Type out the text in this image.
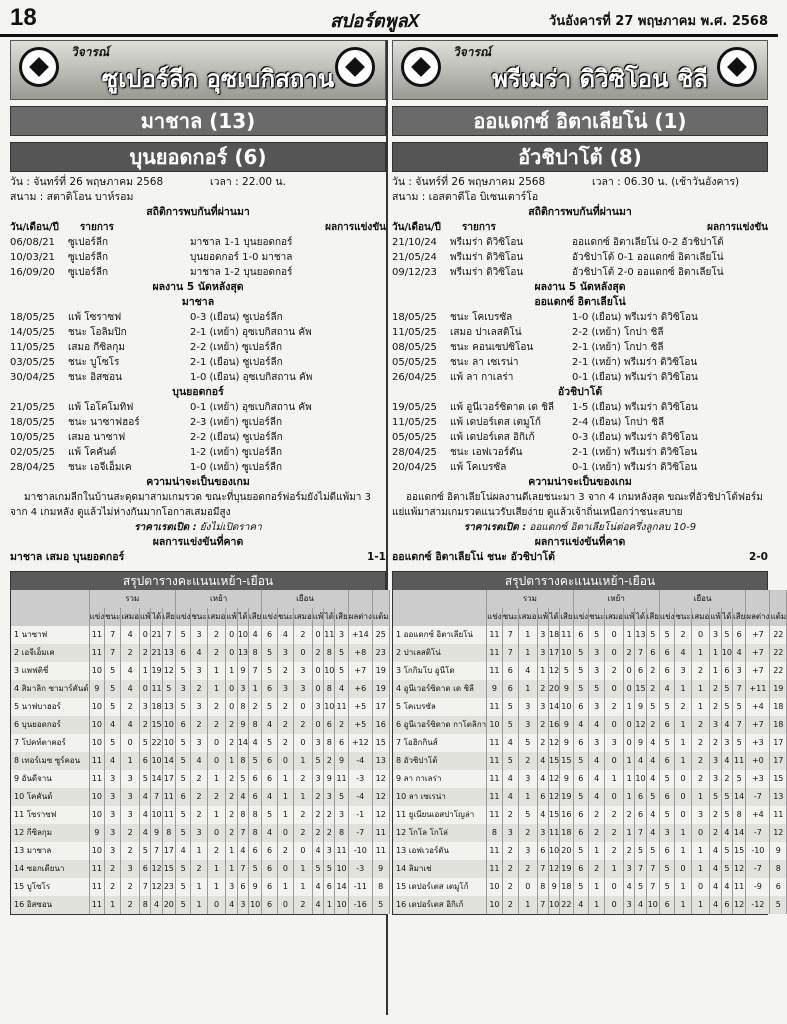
18	สปอร์ตพูลX	วันอังคารที่ 27 พฤษภาคม พ.ศ. 2568
วิจารณ์
ซูเปอร์ลีก อุซเบกิสถาน
มาชาล (13)
บุนยอดกอร์ (6)
วัน : จันทร์ที่ 26 พฤษภาคม 2568	เวลา : 22.00 น.
สนาม : สตาดิโอน บาห์รอม
สถิติการพบกันที่ผ่านมา
วัน/เดือน/ปี	รายการ	ผลการแข่งขัน
06/08/21	ซูเปอร์ลีก	มาชาล 1-1 บุนยอดกอร์
10/03/21	ซูเปอร์ลีก	บุนยอดกอร์ 1-0 มาชาล
16/09/20	ซูเปอร์ลีก	มาชาล 1-2 บุนยอดกอร์
ผลงาน 5 นัดหลังสุด
มาชาล
18/05/25	แพ้ โซราซฟ	0-3 (เยือน) ซูเปอร์ลีก
14/05/25	ชนะ โอลิมปิก	2-1 (เหย้า) อุซเบกิสถาน คัพ
11/05/25	เสมอ กีซิลกุม	2-2 (เหย้า) ซูเปอร์ลีก
03/05/25	ชนะ บูโซโร	2-1 (เยือน) ซูเปอร์ลีก
30/04/25	ชนะ อิสซอน	1-0 (เยือน) อุซเบกิสถาน คัพ
บุนยอดกอร์
21/05/25	แพ้ โอโคโมทิฟ	0-1 (เหย้า) อุซเบกิสถาน คัพ
18/05/25	ชนะ นาซาฟฮอร์	2-3 (เหย้า) ซูเปอร์ลีก
10/05/25	เสมอ นาซาฟ	2-2 (เยือน) ซูเปอร์ลีก
02/05/25	แพ้ โคคันด์	1-2 (เหย้า) ซูเปอร์ลีก
28/04/25	ชนะ เอจีเอ็มเค	1-0 (เหย้า) ซูเปอร์ลีก
ความน่าจะเป็นของเกม
มาชาลเกมลีกในบ้านสะดุดมาสามเกมรวด ขณะที่บุนยอดกอร์ฟอร์มยังไม่ดีแพ้มา 3 จาก 4 เกมหลัง ดูแล้วไม่ห่างกันมากโอกาสเสมอมีสูง
ราคาเรตเปิด : ยังไม่เปิดราคา
ผลการแข่งขันที่คาด
มาชาล เสมอ บุนยอดกอร์	1-1
สรุปตารางคะแนนเหย้า-เยือน
	รวม						เหย้า						เยือน							
	แข่ง	ชนะ	เสมอ	แพ้	ได้	เสีย	แข่ง	ชนะ	เสมอ	แพ้	ได้	เสีย	แข่ง	ชนะ	เสมอ	แพ้	ได้	เสีย	ผลต่าง	แต้ม
1 นาซาฟ	11	7	4	0	21	7	5	3	2	0	10	4	6	4	2	0	11	3	+14	25
2 เอจีเอ็มเค	11	7	2	2	21	13	6	4	2	0	13	8	5	3	0	2	8	5	+8	23
3 แพฟติชี่	10	5	4	1	19	12	5	3	1	1	9	7	5	2	3	0	10	5	+7	19
4 สิมาลิก ซามาร์คันด์	9	5	4	0	11	5	3	2	1	0	3	1	6	3	3	0	8	4	+6	19
5 นาฟบาฮอร์	10	5	2	3	18	13	5	3	2	0	8	2	5	2	0	3	10	11	+5	17
6 บุนยอดกอร์	10	4	4	2	15	10	6	2	2	2	9	8	4	2	2	0	6	2	+5	16
7 โปคท์ตาคอร์	10	5	0	5	22	10	5	3	0	2	14	4	5	2	0	3	8	6	+12	15
8 เทอร์เมซ ซูร์คอน	11	4	1	6	10	14	5	4	0	1	8	5	6	0	1	5	2	9	-4	13
9 อันดีจาน	11	3	3	5	14	17	5	2	1	2	5	6	6	1	2	3	9	11	-3	12
10 โคคันด์	10	3	3	4	7	11	6	2	2	2	4	6	4	1	1	2	3	5	-4	12
11 โซราซฟ	10	3	3	4	10	11	5	2	1	2	8	8	5	1	2	2	2	3	-1	12
12 กีซิลกุม	9	3	2	4	9	8	5	3	0	2	7	8	4	0	2	2	2	8	-7	11
13 มาชาล	10	3	2	5	7	17	4	1	2	1	4	6	6	2	0	4	3	11	-10	11
14 ซอกเดียนา	11	2	3	6	12	15	5	2	1	1	7	5	6	0	1	5	5	10	-3	9
15 บูโซโร	11	2	2	7	12	23	5	1	1	3	6	9	6	1	1	4	6	14	-11	8
16 อิสซอน	11	1	2	8	4	20	5	1	0	4	3	10	6	0	2	4	1	10	-16	5
วิจารณ์
พรีเมร่า ดิวิซิโอน ชิลี
ออแดกซ์ อิตาเลียโน่ (1)
อัวชิปาโต้ (8)
วัน : จันทร์ที่ 26 พฤษภาคม 2568	เวลา : 06.30 น. (เช้าวันอังคาร)
สนาม : เอสตาดีโอ บิเซนเตาร์โอ
สถิติการพบกันที่ผ่านมา
วัน/เดือน/ปี	รายการ	ผลการแข่งขัน
21/10/24	พรีเมร่า ดิวิซิโอน	ออแดกซ์ อิตาเลียโน่ 0-2 อัวชิปาโต้
21/05/24	พรีเมร่า ดิวิซิโอน	อัวชิปาโต้ 0-1 ออแดกซ์ อิตาเลียโน่
09/12/23	พรีเมร่า ดิวิซิโอน	อัวชิปาโต้ 2-0 ออแดกซ์ อิตาเลียโน่
ผลงาน 5 นัดหลังสุด
ออแดกซ์ อิตาเลียโน่
18/05/25	ชนะ โคเบรซัล	1-0 (เยือน) พรีเมร่า ดิวิซิโอน
11/05/25	เสมอ ปาเลสติโน่	2-2 (เหย้า) โกปา ชิลี
08/05/25	ชนะ คอนเซปซิโอน	2-1 (เหย้า) โกปา ชิลี
05/05/25	ชนะ ลา เซเรน่า	2-1 (เหย้า) พรีเมร่า ดิวิซิโอน
26/04/25	แพ้ ลา กาเลร่า	0-1 (เยือน) พรีเมร่า ดิวิซิโอน
อัวชิปาโต้
19/05/25	แพ้ อูนีเวอร์ซิดาด เด ชิลี	1-5 (เยือน) พรีเมร่า ดิวิซิโอน
11/05/25	แพ้ เดปอร์เตส เตมูโก้	2-4 (เยือน) โกปา ชิลี
05/05/25	แพ้ เดปอร์เตส อิกิเก้	0-3 (เยือน) พรีเมร่า ดิวิซิโอน
28/04/25	ชนะ เอฟเวอร์ตัน	2-1 (เหย้า) พรีเมร่า ดิวิซิโอน
20/04/25	แพ้ โคเบรซัล	0-1 (เหย้า) พรีเมร่า ดิวิซิโอน
ความน่าจะเป็นของเกม
ออแดกซ์ อิตาเลียโน่ผลงานดีเลยชนะมา 3 จาก 4 เกมหลังสุด ขณะที่อัวชิปาโต้ฟอร์มแย่แพ้มาสามเกมรวดแนวรับเสียง่าย ดูแล้วเจ้าถิ่นเหนือกว่าชนะสบาย
ราคาเรตเปิด : ออแดกซ์ อิตาเลียโน่ต่อครึ่งลูกลบ 10-9
ผลการแข่งขันที่คาด
ออแดกซ์ อิตาเลียโน่ ชนะ อัวชิปาโต้	2-0
สรุปตารางคะแนนเหย้า-เยือน
	รวม						เหย้า						เยือน							
	แข่ง	ชนะ	เสมอ	แพ้	ได้	เสีย	แข่ง	ชนะ	เสมอ	แพ้	ได้	เสีย	แข่ง	ชนะ	เสมอ	แพ้	ได้	เสีย	ผลต่าง	แต้ม
1 ออแดกซ์ อิตาเลียโน่	11	7	1	3	18	11	6	5	0	1	13	5	5	2	0	3	5	6	+7	22
2 ปาเลสติโน่	11	7	1	3	17	10	5	3	0	2	7	6	6	4	1	1	10	4	+7	22
3 โกกิมโบ อูนีโด	11	6	4	1	12	5	5	3	2	0	6	2	6	3	2	1	6	3	+7	22
4 อูนีเวอร์ซิดาด เด ชิลี	9	6	1	2	20	9	5	5	0	0	15	2	4	1	1	2	5	7	+11	19
5 โคเบรซัล	11	5	3	3	14	10	6	3	2	1	9	5	5	2	1	2	5	5	+4	18
6 อูนีเวอร์ซิดาด กาโตลิกา	10	5	3	2	16	9	4	4	0	0	12	2	6	1	2	3	4	7	+7	18
7 โอฮิกกินส์	11	4	5	2	12	9	6	3	3	0	9	4	5	1	2	2	3	5	+3	17
8 อัวชิปาโต้	11	5	2	4	15	15	5	4	0	1	4	4	6	1	2	3	4	11	+0	17
9 ลา กาเลร่า	11	4	3	4	12	9	6	4	1	1	10	4	5	0	2	3	2	5	+3	15
10 ลา เซเรน่า	11	4	1	6	12	19	5	4	0	1	6	5	6	0	1	5	5	14	-7	13
11 ยูเนียนเอสปาโญล่า	11	2	5	4	15	16	6	2	2	2	6	4	5	0	3	2	5	8	+4	11
12 โกโล โกโล่	8	3	2	3	11	18	6	2	2	1	7	4	3	1	0	2	4	14	-7	12
13 เอฟเวอร์ตัน	11	2	3	6	10	20	5	1	2	2	5	5	6	1	1	4	5	15	-10	9
14 ลิมาเช่	11	2	2	7	12	19	6	2	1	3	7	7	5	0	1	4	5	12	-7	8
15 เดปอร์เตส เตมูโก้	10	2	0	8	9	18	5	1	0	4	5	7	5	1	0	4	4	11	-9	6
16 เดปอร์เตส อิกิเก้	10	2	1	7	10	22	4	1	0	3	4	10	6	1	1	4	6	12	-12	5
